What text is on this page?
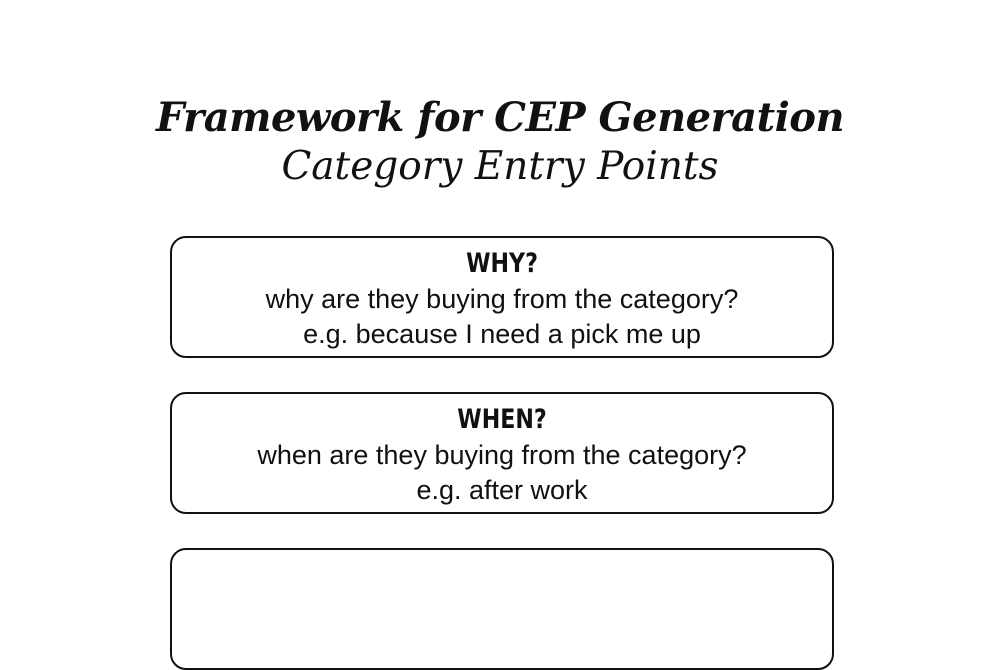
Framework for CEP Generation
Category Entry Points
WHY?
why are they buying from the category?
e.g. because I need a pick me up
WHEN?
when are they buying from the category?
e.g. after work
